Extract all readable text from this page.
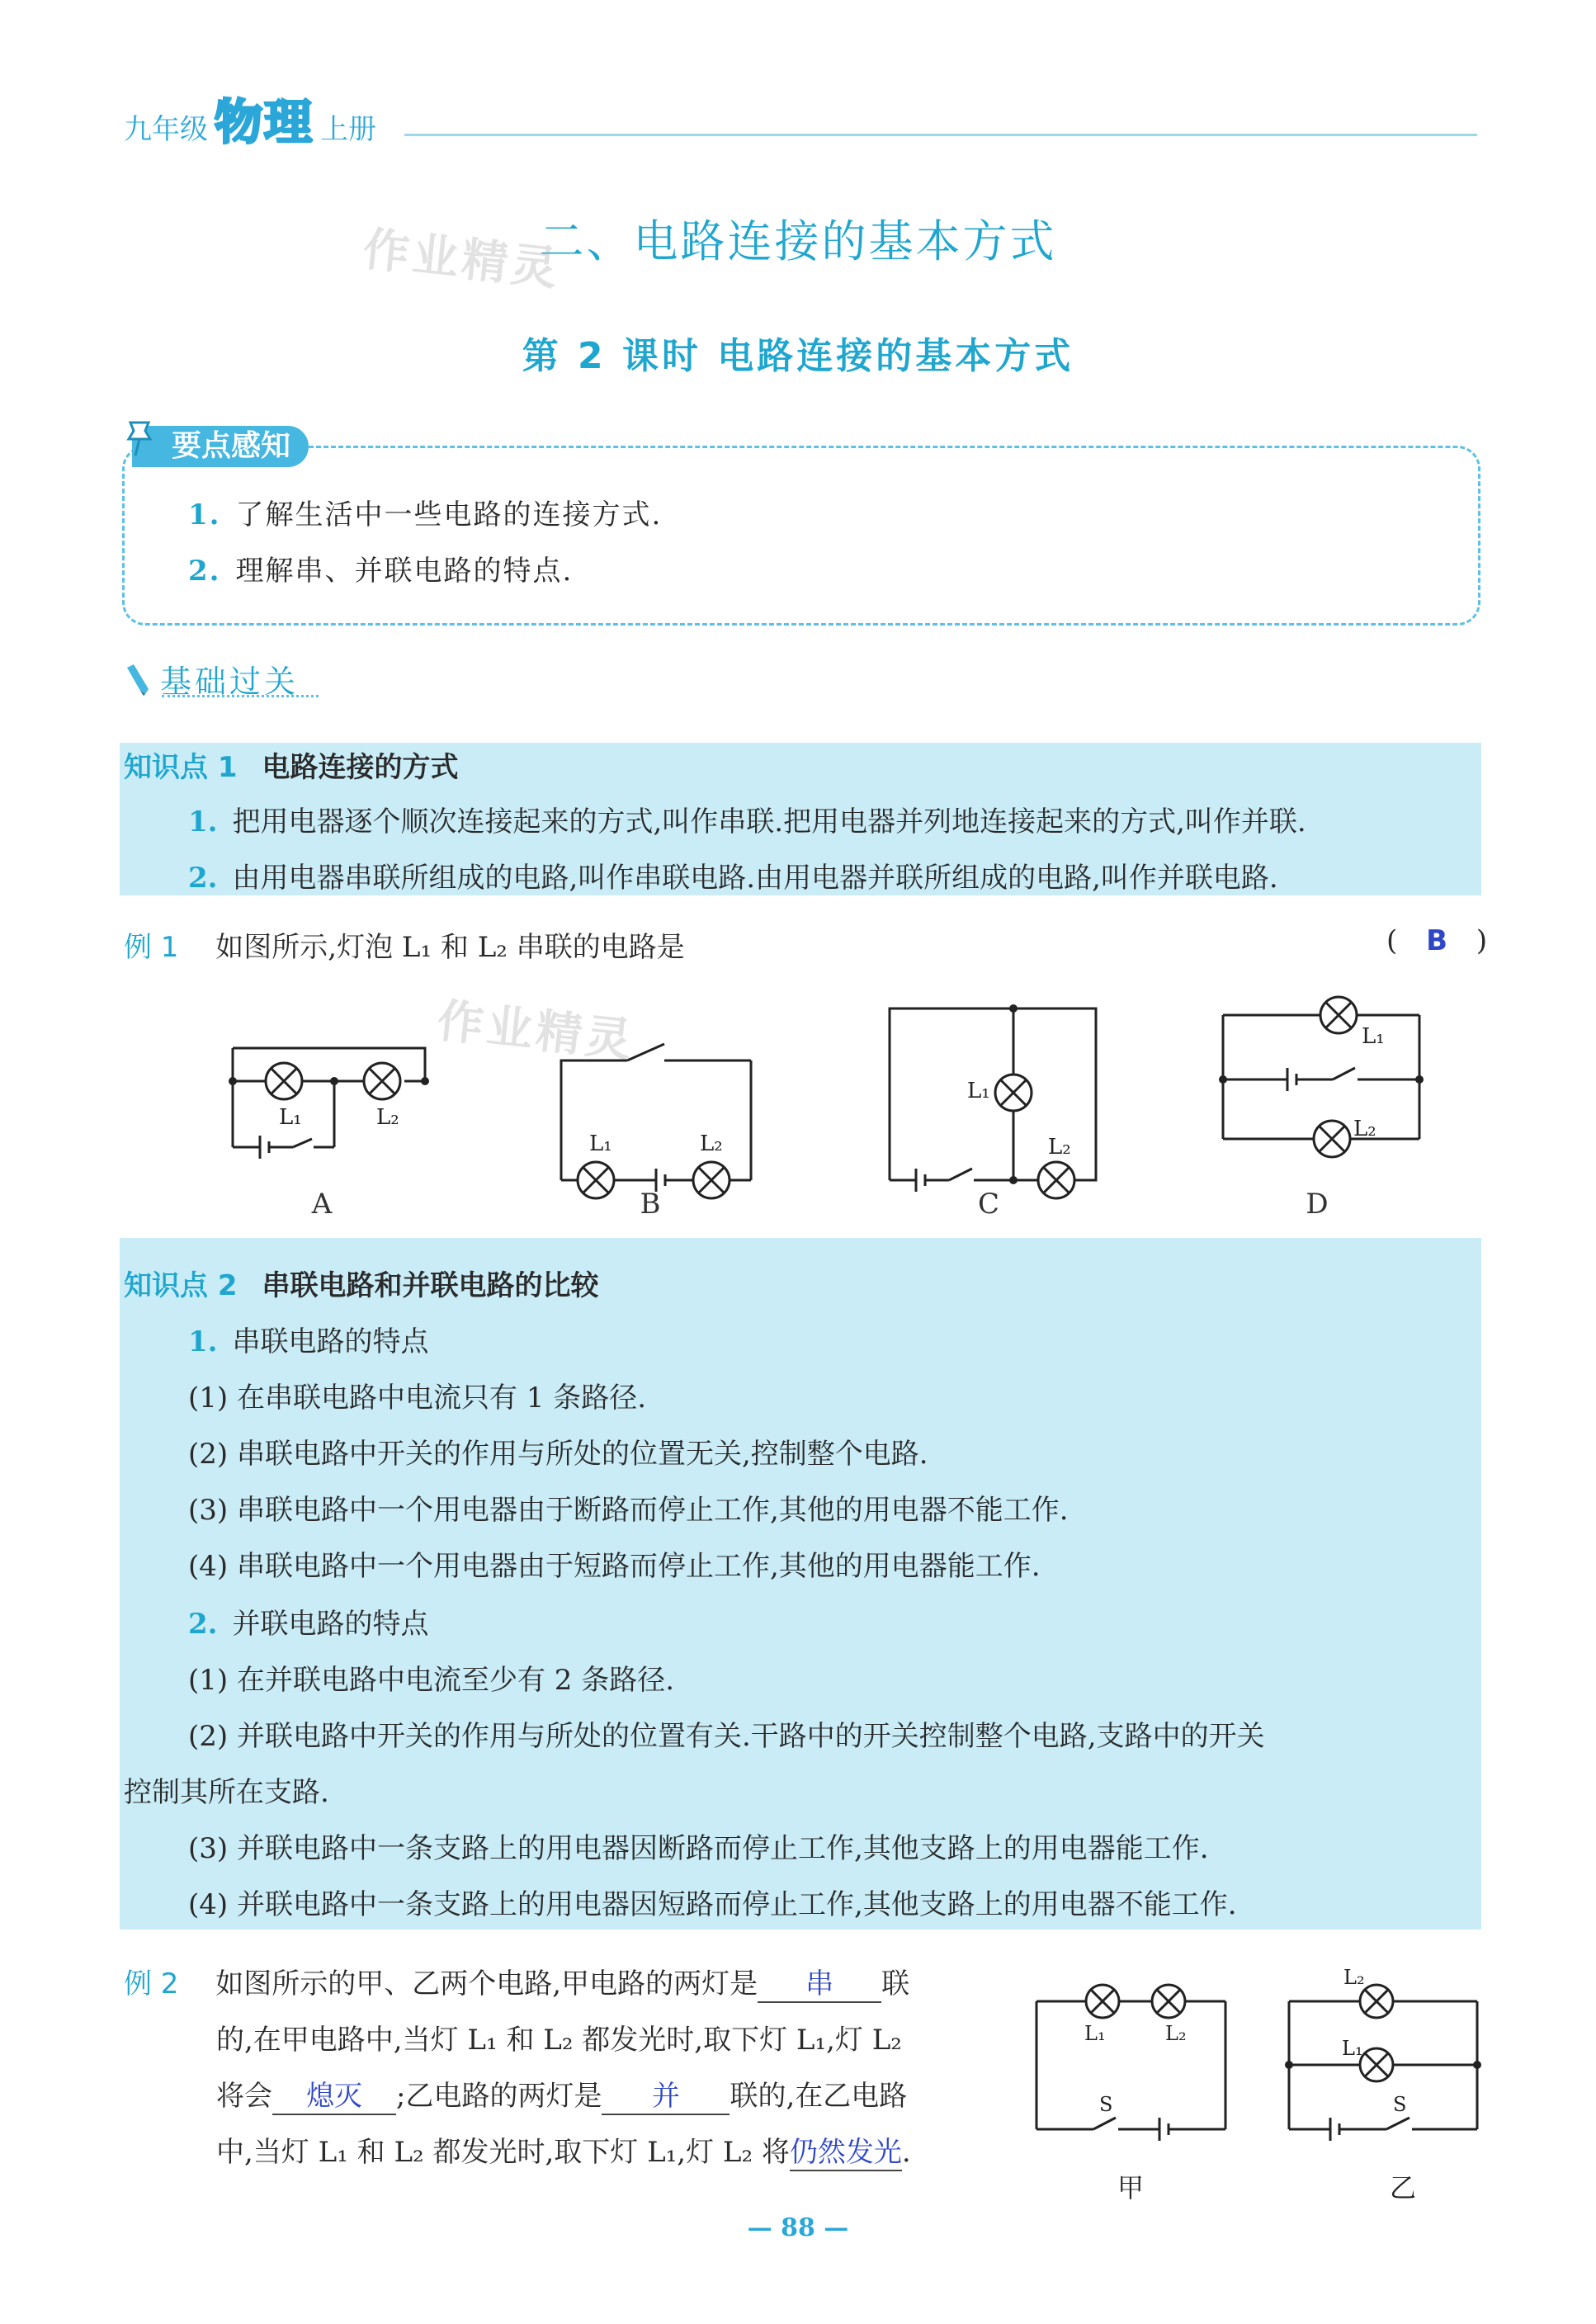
九年级 物理 上册
二、电路连接的基本方式
作业精灵
第 2 课时 电路连接的基本方式
要点感知
1. 了解生活中一些电路的连接方式.
2. 理解串、并联电路的特点.
基础过关
知识点 1 电路连接的方式
1. 把用电器逐个顺次连接起来的方式,叫作串联.把用电器并列地连接起来的方式,叫作并联.
2. 由用电器串联所组成的电路,叫作串联电路.由用电器并联所组成的电路,叫作并联电路.
例 1 如图所示,灯泡 L₁ 和 L₂ 串联的电路是	( B )
作业精灵
L₁	L₂
L₁	L₂
L₁
L₂
L₁
L₂
A	B	C	D
知识点 2 串联电路和并联电路的比较
1. 串联电路的特点
(1) 在串联电路中电流只有 1 条路径.
(2) 串联电路中开关的作用与所处的位置无关,控制整个电路.
(3) 串联电路中一个用电器由于断路而停止工作,其他的用电器不能工作.
(4) 串联电路中一个用电器由于短路而停止工作,其他的用电器能工作.
2. 并联电路的特点
(1) 在并联电路中电流至少有 2 条路径.
(2) 并联电路中开关的作用与所处的位置有关.干路中的开关控制整个电路,支路中的开关
控制其所在支路.
(3) 并联电路中一条支路上的用电器因断路而停止工作,其他支路上的用电器能工作.
(4) 并联电路中一条支路上的用电器因短路而停止工作,其他支路上的用电器不能工作.
例 2 如图所示的甲、乙两个电路,甲电路的两灯是 串 联
的,在甲电路中,当灯 L₁ 和 L₂ 都发光时,取下灯 L₁,灯 L₂
将会 熄灭 ;乙电路的两灯是 并 联的,在乙电路
中,当灯 L₁ 和 L₂ 都发光时,取下灯 L₁,灯 L₂ 将仍然发光.
L₁	L₂
L₂
L₁
S	S
甲	乙
— 88 —
